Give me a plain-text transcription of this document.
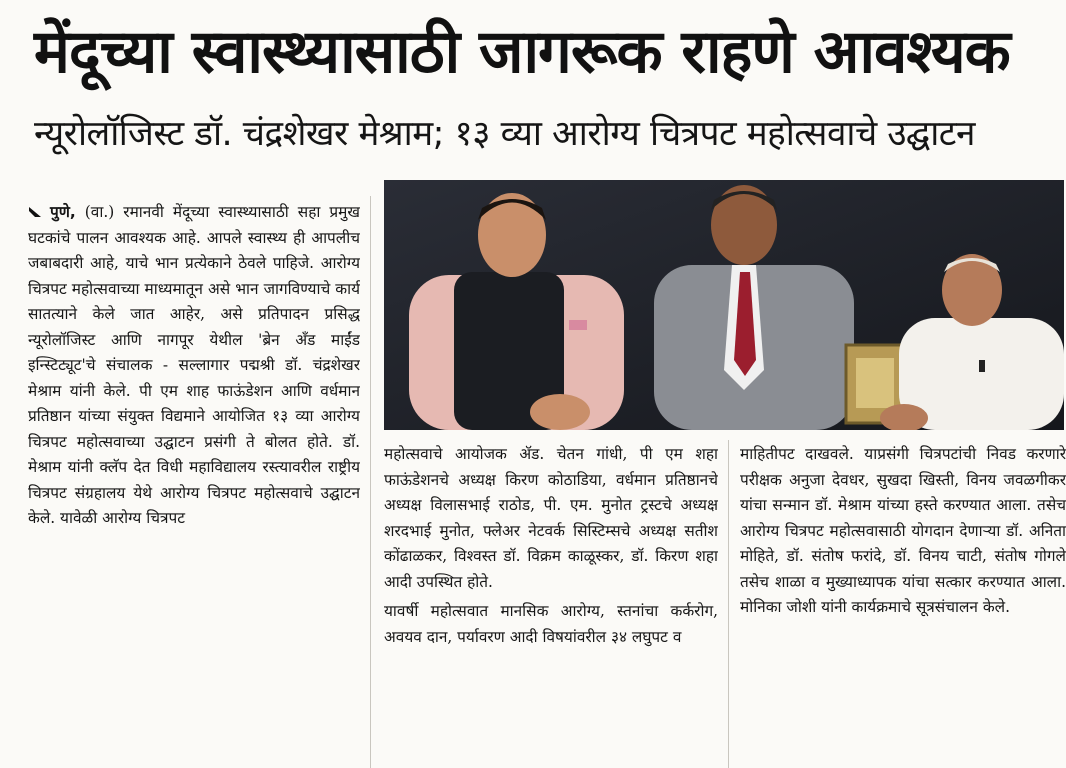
मेंदूच्या स्वास्थ्यासाठी जागरूक राहणे आवश्यक
न्यूरोलॉजिस्ट डॉ. चंद्रशेखर मेश्राम; १३ व्या आरोग्य चित्रपट महोत्सवाचे उद्घाटन

पुणे, (वा.) रमानवी मेंदूच्या स्वास्थ्यासाठी सहा प्रमुख घटकांचे पालन आवश्यक आहे. आपले स्वास्थ्य ही आपलीच जबाबदारी आहे, याचे भान प्रत्येकाने ठेवले पाहिजे. आरोग्य चित्रपट महोत्सवाच्या माध्यमातून असे भान जागविण्याचे कार्य सातत्याने केले जात आहेर, असे प्रतिपादन प्रसिद्ध न्यूरोलॉजिस्ट आणि नागपूर येथील 'ब्रेन अँड माईंड इन्स्टिट्यूट'चे संचालक - सल्लागार पद्मश्री डॉ. चंद्रशेखर मेश्राम यांनी केले. पी एम शाह फाऊंडेशन आणि वर्धमान प्रतिष्ठान यांच्या संयुक्त विद्यमाने आयोजित १३ व्या आरोग्य चित्रपट महोत्सवाच्या उद्घाटन प्रसंगी ते बोलत होते. डॉ. मेश्राम यांनी क्लॅप देत विधी महाविद्यालय रस्त्यावरील राष्ट्रीय चित्रपट संग्रहालय येथे आरोग्य चित्रपट महोत्सवाचे उद्घाटन केले. यावेळी आरोग्य चित्रपट

महोत्सवाचे आयोजक ॲड. चेतन गांधी, पी एम शहा फाऊंडेशनचे अध्यक्ष किरण कोठाडिया, वर्धमान प्रतिष्ठानचे अध्यक्ष विलासभाई राठोड, पी. एम. मुनोत ट्रस्टचे अध्यक्ष शरदभाई मुनोत, फ्लेअर नेटवर्क सिस्टिम्सचे अध्यक्ष सतीश कोंढाळकर, विश्वस्त डॉ. विक्रम काळूस्कर, डॉ. किरण शहा आदी उपस्थित होते.

यावर्षी महोत्सवात मानसिक आरोग्य, स्तनांचा कर्करोग, अवयव दान, पर्यावरण आदी विषयांवरील ३४ लघुपट व

माहितीपट दाखवले. याप्रसंगी चित्रपटांची निवड करणारे परीक्षक अनुजा देवधर, सुखदा खिस्ती, विनय जवळगीकर यांचा सन्मान डॉ. मेश्राम यांच्या हस्ते करण्यात आला. तसेच आरोग्य चित्रपट महोत्सवासाठी योगदान देणाऱ्या डॉ. अनिता मोहिते, डॉ. संतोष फरांदे, डॉ. विनय चाटी, संतोष गोगले तसेच शाळा व मुख्याध्यापक यांचा सत्कार करण्यात आला. मोनिका जोशी यांनी कार्यक्रमाचे सूत्रसंचालन केले.
